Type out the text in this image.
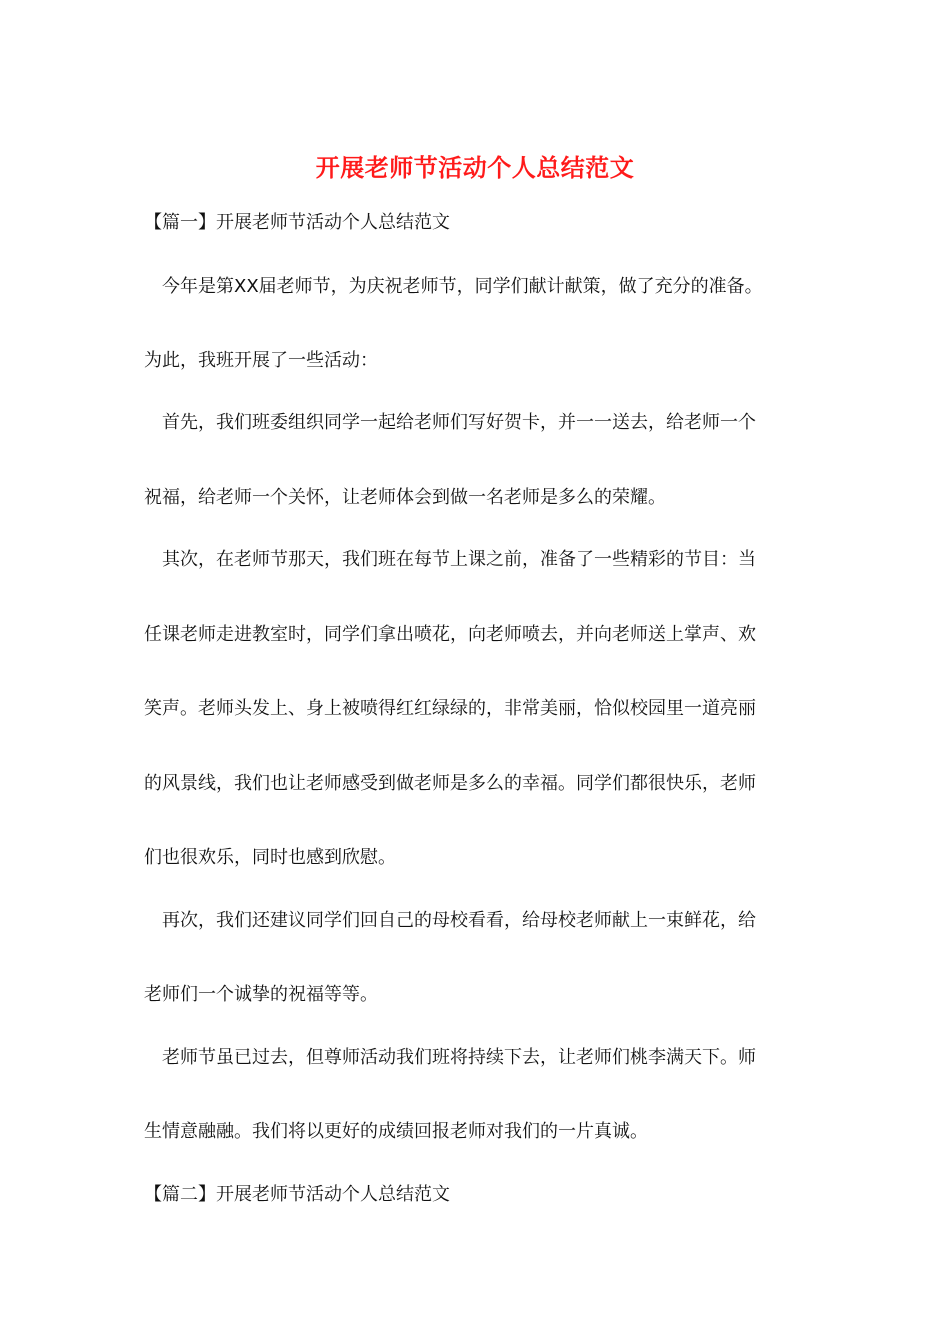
开展老师节活动个人总结范文
【篇一】开展老师节活动个人总结范文
今年是第XX届老师节，为庆祝老师节，同学们献计献策，做了充分的准备。
为此，我班开展了一些活动：
首先，我们班委组织同学一起给老师们写好贺卡，并一一送去，给老师一个
祝福，给老师一个关怀，让老师体会到做一名老师是多么的荣耀。
其次，在老师节那天，我们班在每节上课之前，准备了一些精彩的节目：当
任课老师走进教室时，同学们拿出喷花，向老师喷去，并向老师送上掌声、欢
笑声。老师头发上、身上被喷得红红绿绿的，非常美丽，恰似校园里一道亮丽
的风景线，我们也让老师感受到做老师是多么的幸福。同学们都很快乐，老师
们也很欢乐，同时也感到欣慰。
再次，我们还建议同学们回自己的母校看看，给母校老师献上一束鲜花，给
老师们一个诚挚的祝福等等。
老师节虽已过去，但尊师活动我们班将持续下去，让老师们桃李满天下。师
生情意融融。我们将以更好的成绩回报老师对我们的一片真诚。
【篇二】开展老师节活动个人总结范文
